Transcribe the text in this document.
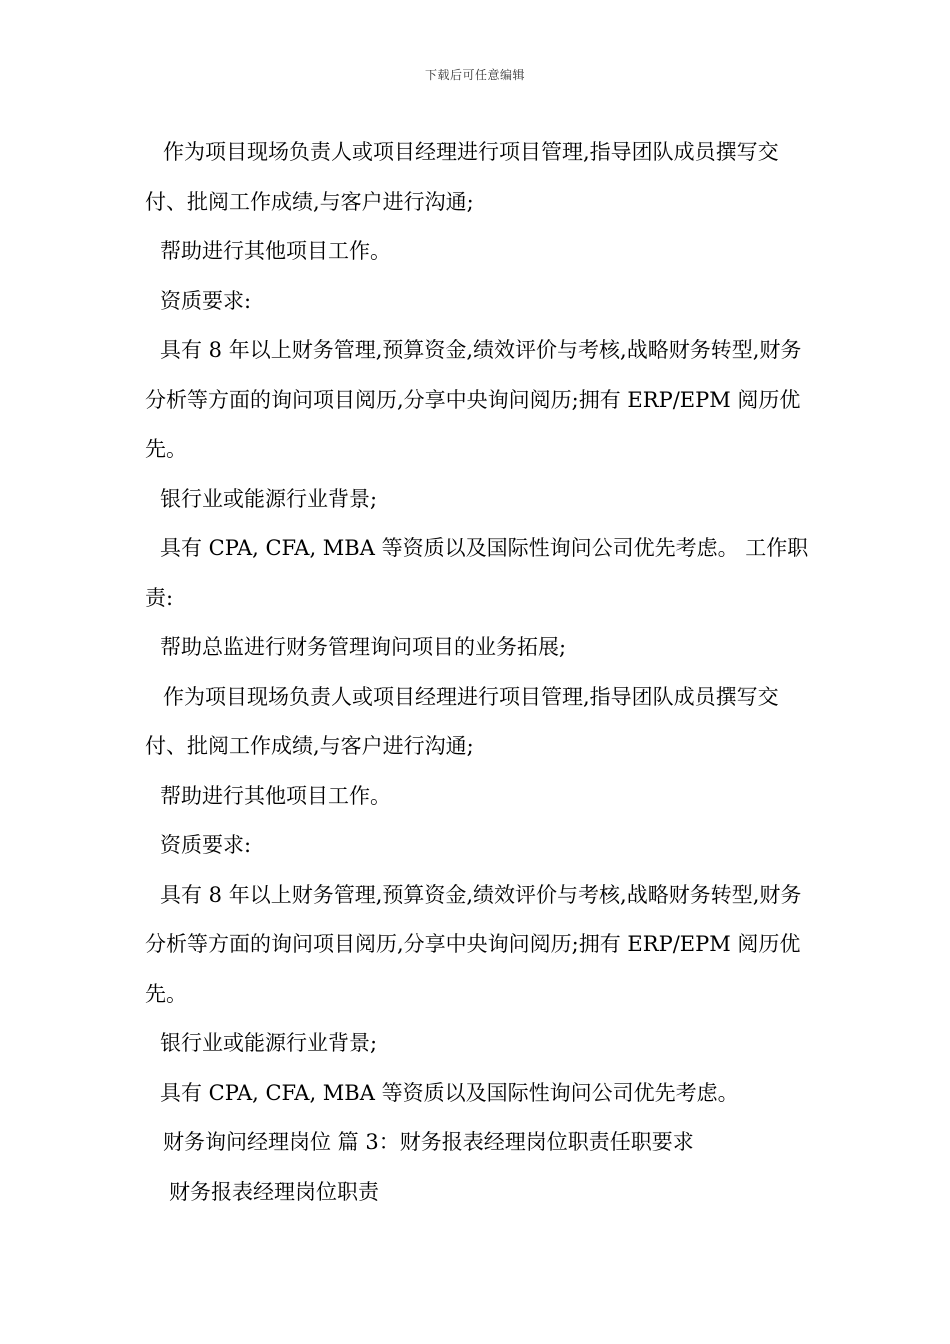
下载后可任意编辑

作为项目现场负责人或项目经理进行项目管理,指导团队成员撰写交付、批阅工作成绩,与客户进行沟通;

帮助进行其他项目工作。

资质要求:

具有 8 年以上财务管理,预算资金,绩效评价与考核,战略财务转型,财务分析等方面的询问项目阅历,分享中央询问阅历;拥有 ERP/EPM 阅历优先。

银行业或能源行业背景;

具有 CPA, CFA, MBA 等资质以及国际性询问公司优先考虑。 工作职责:

帮助总监进行财务管理询问项目的业务拓展;

作为项目现场负责人或项目经理进行项目管理,指导团队成员撰写交付、批阅工作成绩,与客户进行沟通;

帮助进行其他项目工作。

资质要求:

具有 8 年以上财务管理,预算资金,绩效评价与考核,战略财务转型,财务分析等方面的询问项目阅历,分享中央询问阅历;拥有 ERP/EPM 阅历优先。

银行业或能源行业背景;

具有 CPA, CFA, MBA 等资质以及国际性询问公司优先考虑。

财务询问经理岗位 篇 3：财务报表经理岗位职责任职要求

财务报表经理岗位职责
